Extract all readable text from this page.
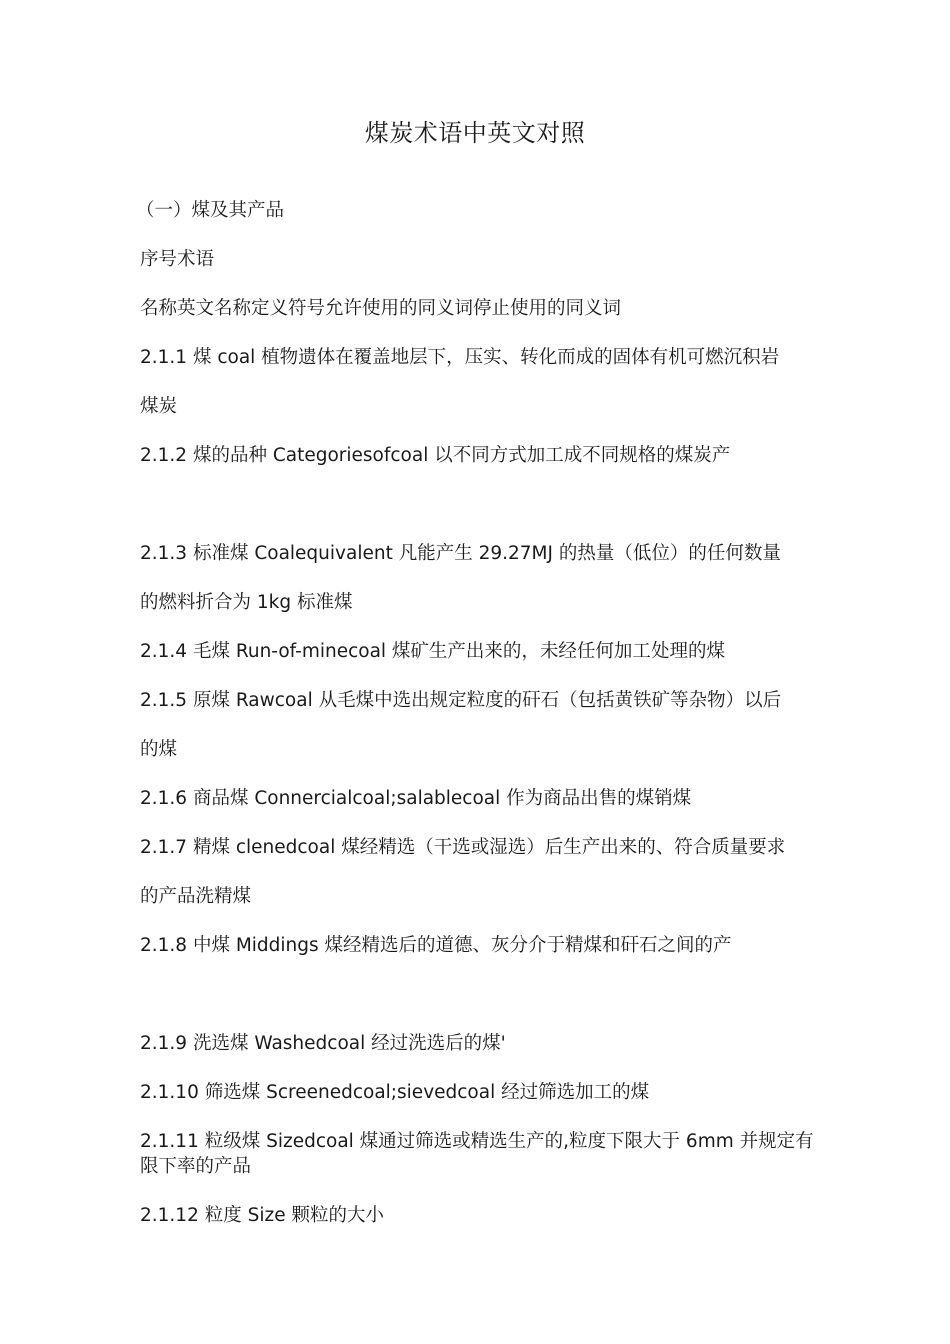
煤炭术语中英文对照
（一）煤及其产品
序号术语
名称英文名称定义符号允许使用的同义词停止使用的同义词
2.1.1 煤 coal 植物遗体在覆盖地层下，压实、转化而成的固体有机可燃沉积岩
煤炭
2.1.2 煤的品种 Categoriesofcoal 以不同方式加工成不同规格的煤炭产
2.1.3 标准煤 Coalequivalent 凡能产生 29.27MJ 的热量（低位）的任何数量
的燃料折合为 1kg 标准煤
2.1.4 毛煤 Run-of-minecoal 煤矿生产出来的，未经任何加工处理的煤
2.1.5 原煤 Rawcoal 从毛煤中选出规定粒度的矸石（包括黄铁矿等杂物）以后
的煤
2.1.6 商品煤 Connercialcoal;salablecoal 作为商品出售的煤销煤
2.1.7 精煤 clenedcoal 煤经精选（干选或湿选）后生产出来的、符合质量要求
的产品洗精煤
2.1.8 中煤 Middings 煤经精选后的道德、灰分介于精煤和矸石之间的产
2.1.9 洗选煤 Washedcoal 经过洗选后的煤'
2.1.10 筛选煤 Screenedcoal;sievedcoal 经过筛选加工的煤
2.1.11 粒级煤 Sizedcoal 煤通过筛选或精选生产的,粒度下限大于 6mm 并规定有限下率的产品
2.1.12 粒度 Size 颗粒的大小
